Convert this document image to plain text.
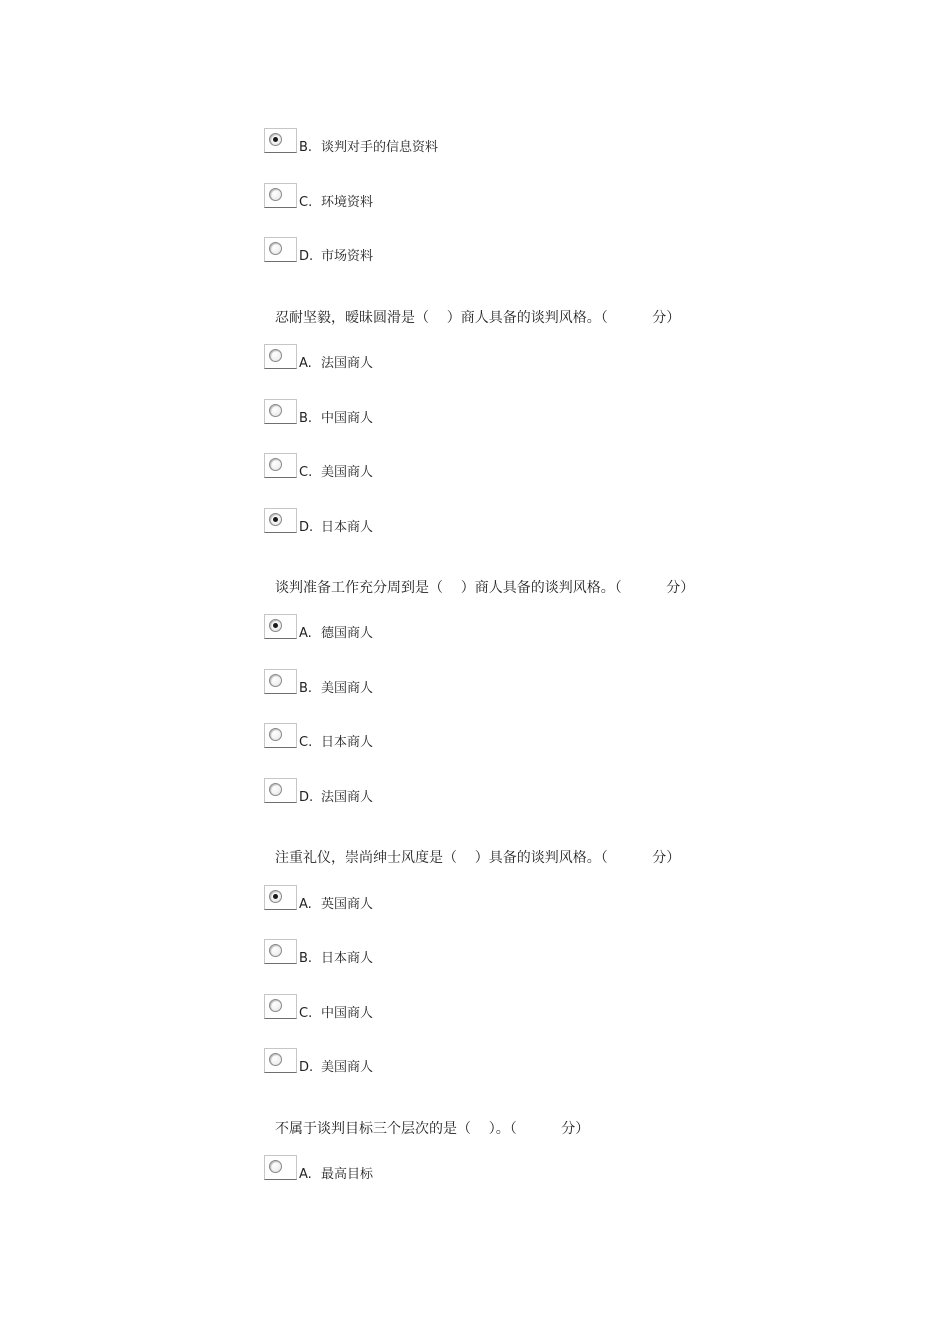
B. 谈判对手的信息资料
C. 环境资料
D. 市场资料
忍耐坚毅，暧昧圆滑是（    ）商人具备的谈判风格。（          分）
A. 法国商人
B. 中国商人
C. 美国商人
D. 日本商人
谈判准备工作充分周到是（    ）商人具备的谈判风格。（          分）
A. 德国商人
B. 美国商人
C. 日本商人
D. 法国商人
注重礼仪，崇尚绅士风度是（    ）具备的谈判风格。（          分）
A. 英国商人
B. 日本商人
C. 中国商人
D. 美国商人
不属于谈判目标三个层次的是（    ）。（          分）
A. 最高目标
